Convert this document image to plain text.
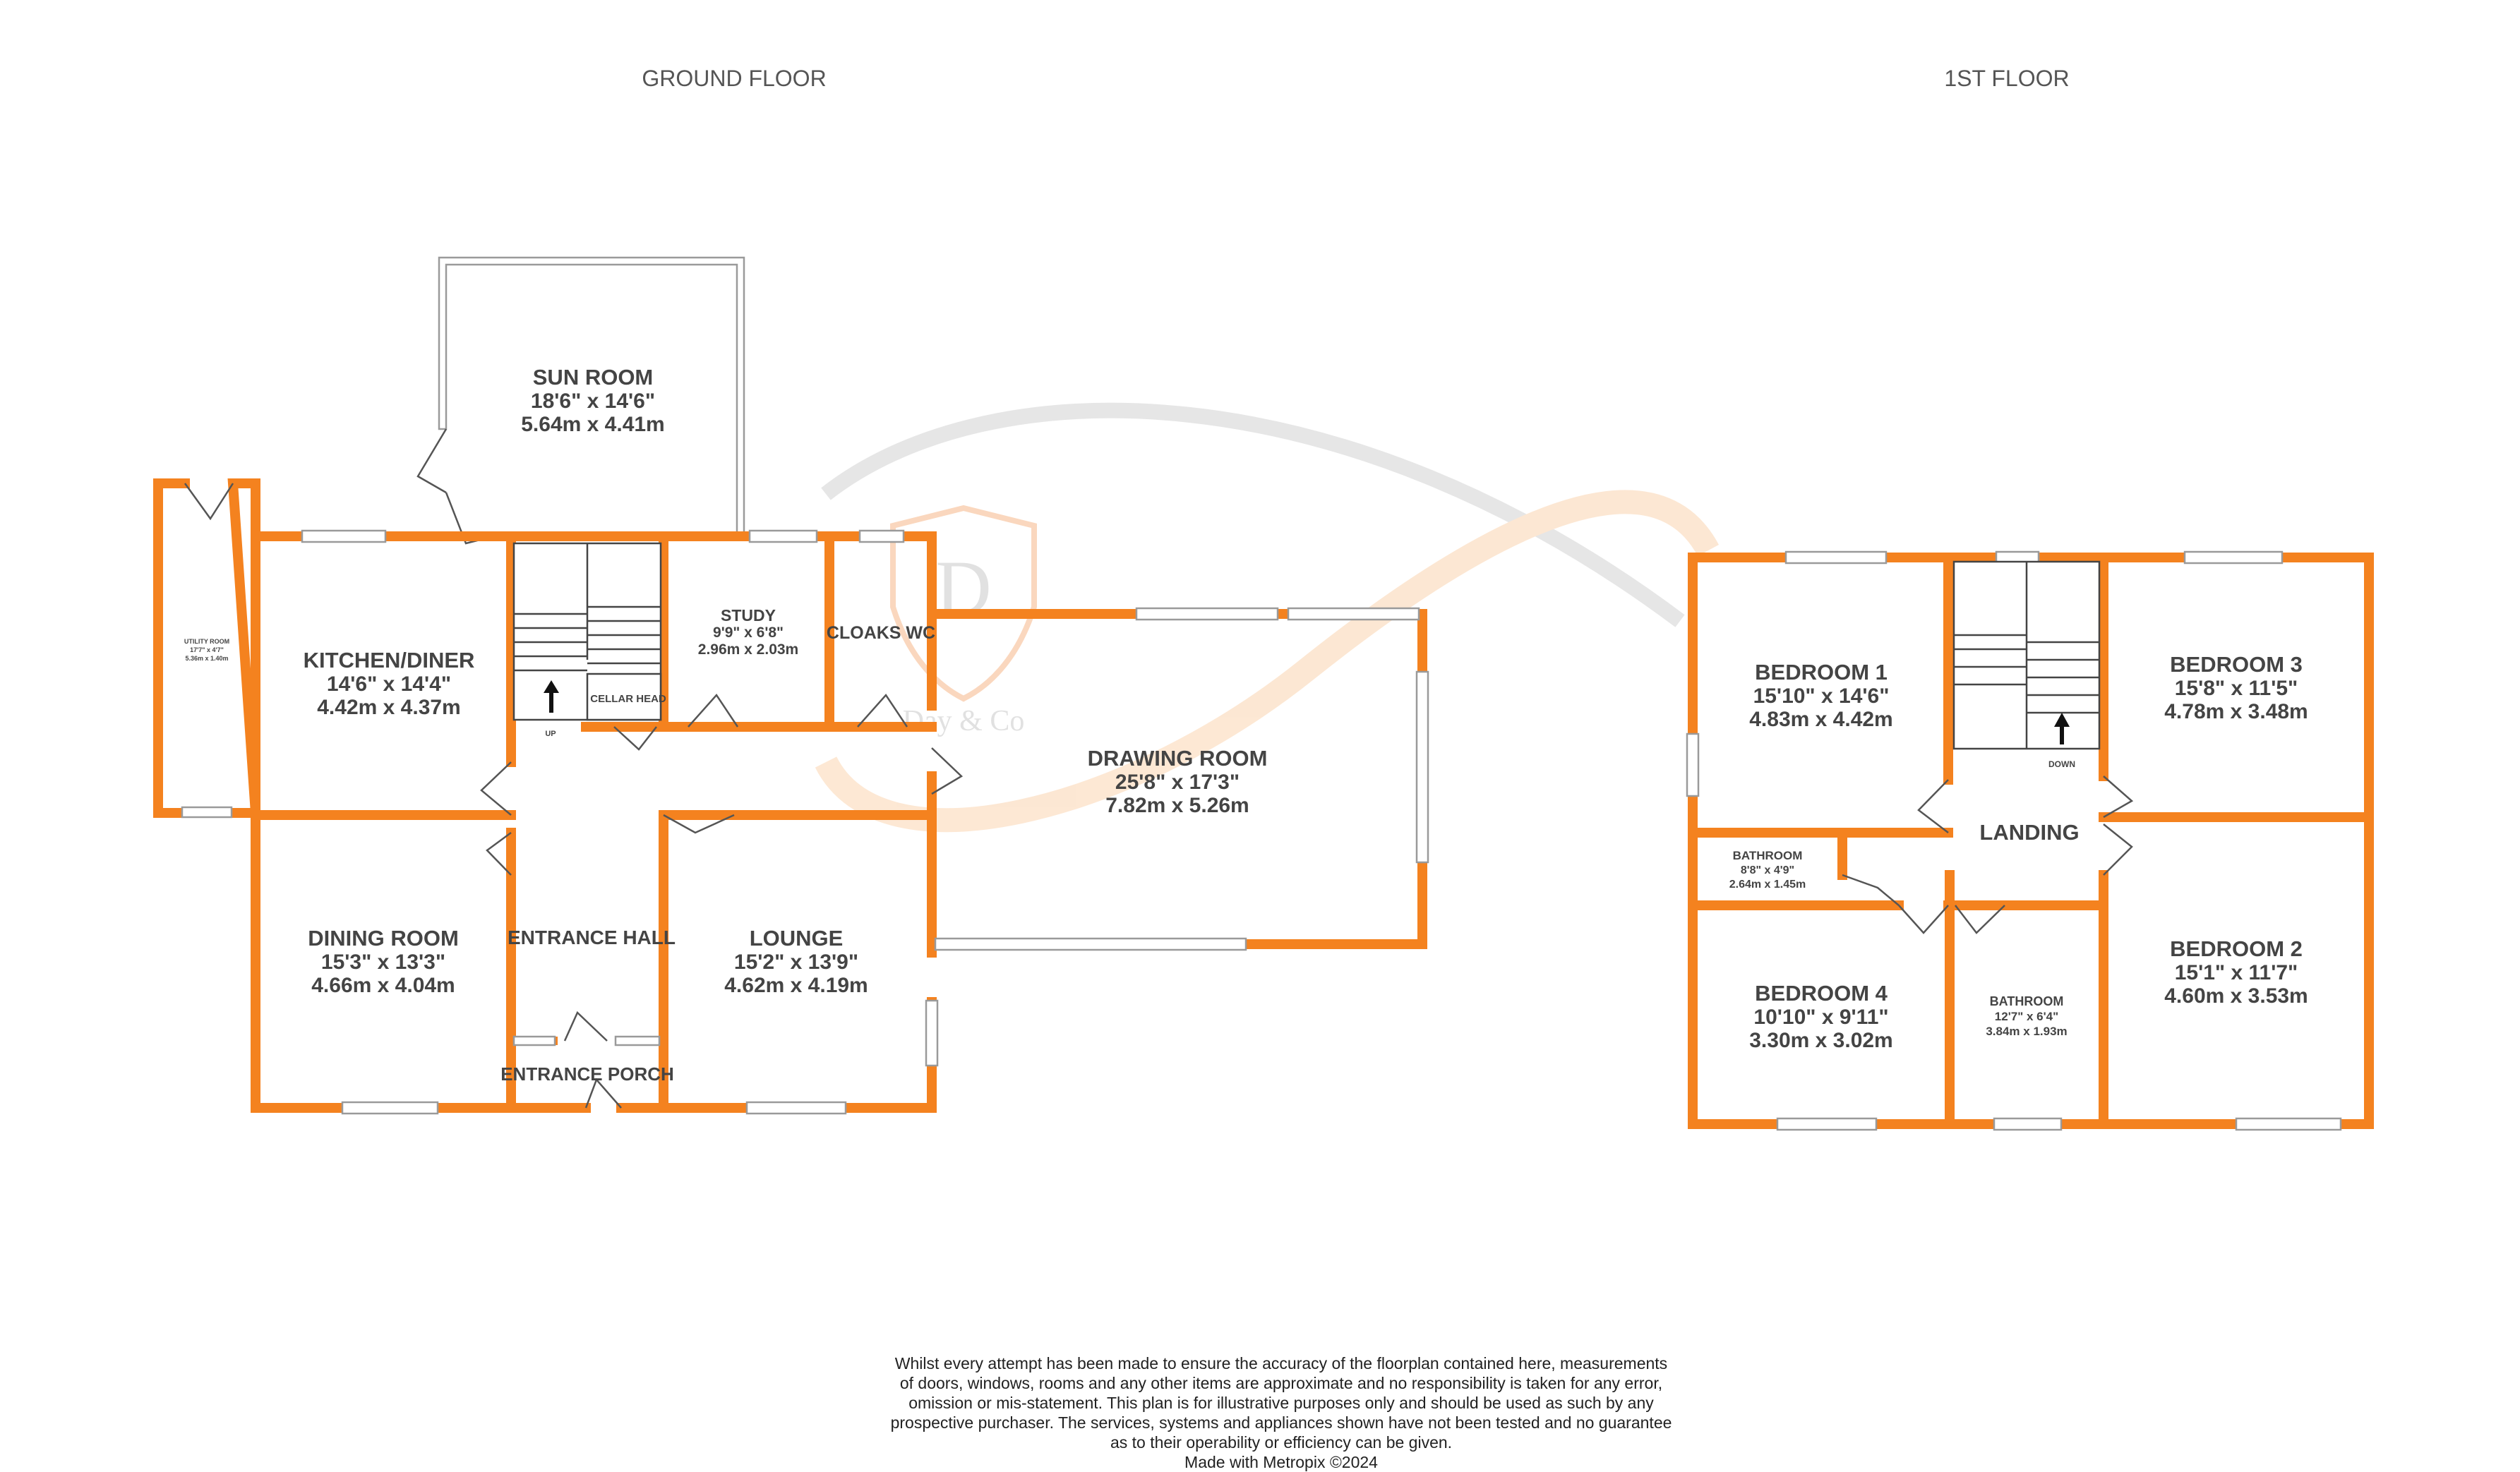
D
Day & Co
GROUND FLOOR	1ST FLOOR
SUN ROOM
18'6" x 14'6"
5.64m x 4.41m
UTILITY ROOM
17'7" x 4'7"
5.36m x 1.40m	KITCHEN/DINER
14'6" x 14'4"
4.42m x 4.37m
UP
CELLAR HEAD
STUDY
9'9" x 6'8"
2.96m x 2.03m
CLOAKS WC
DRAWING ROOM
25'8" x 17'3"
7.82m x 5.26m
DINING ROOM
15'3" x 13'3"
4.66m x 4.04m
ENTRANCE HALL	LOUNGE
15'2" x 13'9"
4.62m x 4.19m
ENTRANCE PORCH
BEDROOM 1
15'10" x 14'6"
4.83m x 4.42m
BEDROOM 3
15'8" x 11'5"
4.78m x 3.48m
DOWN
LANDING
BATHROOM
8'8" x 4'9"
2.64m x 1.45m
BEDROOM 4
10'10" x 9'11"
3.30m x 3.02m
BATHROOM
12'7" x 6'4"
3.84m x 1.93m
BEDROOM 2
15'1" x 11'7"
4.60m x 3.53m

Whilst every attempt has been made to ensure the accuracy of the floorplan contained here, measurements
of doors, windows, rooms and any other items are approximate and no responsibility is taken for any error,
omission or mis-statement. This plan is for illustrative purposes only and should be used as such by any
prospective purchaser. The services, systems and appliances shown have not been tested and no guarantee
as to their operability or efficiency can be given.
Made with Metropix ©2024
